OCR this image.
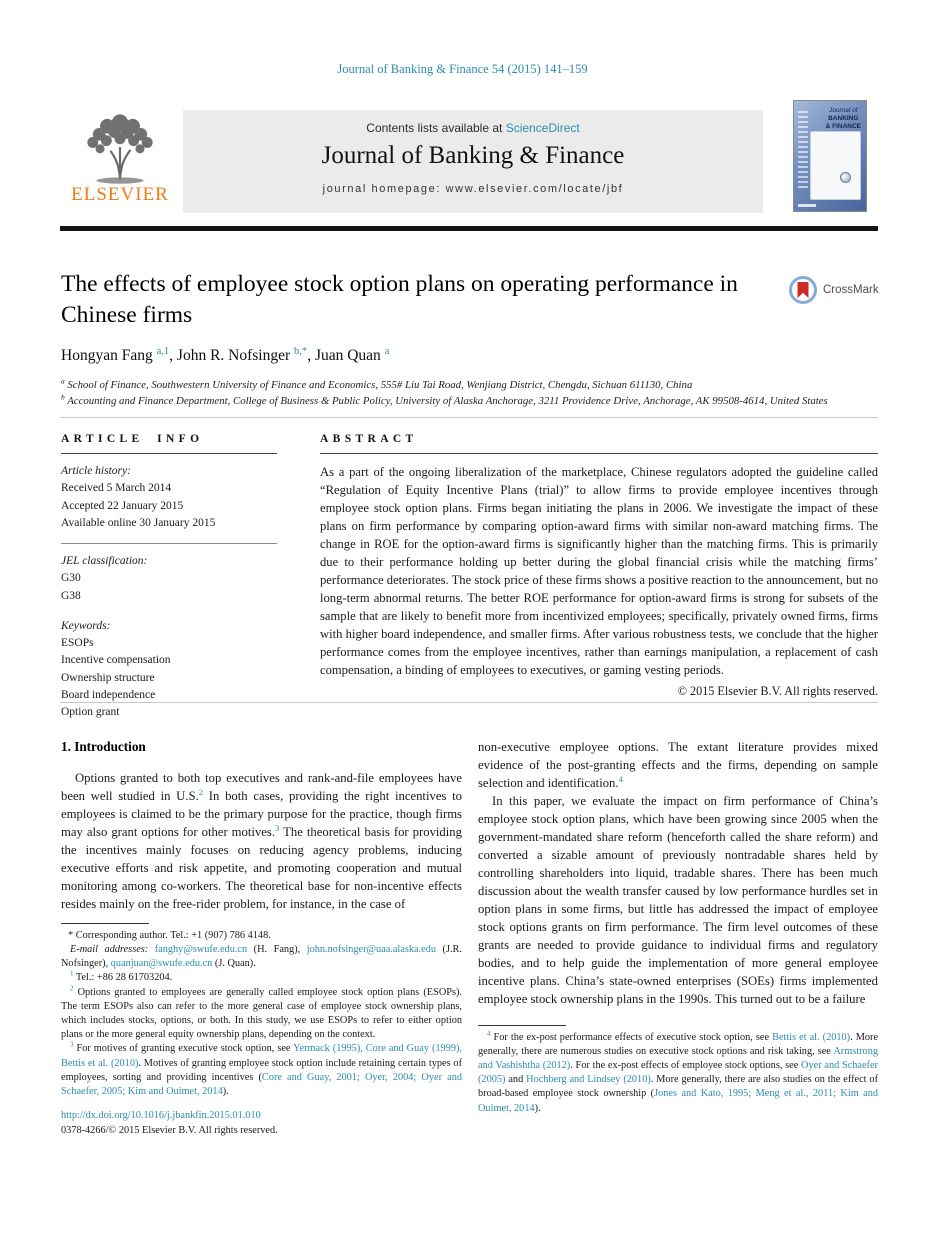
Journal of Banking & Finance 54 (2015) 141–159
ELSEVIER
Contents lists available at ScienceDirect
Journal of Banking & Finance
journal homepage: www.elsevier.com/locate/jbf
Journal of
BANKING
& FINANCE
The effects of employee stock option plans on operating performance in Chinese firms
CrossMark
Hongyan Fang $^{a,1}$, John R. Nofsinger $^{b,*}$, Juan Quan $^a$
$^a$ School of Finance, Southwestern University of Finance and Economics, 555# Liu Tai Road, Wenjiang District, Chengdu, Sichuan 611130, China
$^b$ Accounting and Finance Department, College of Business & Public Policy, University of Alaska Anchorage, 3211 Providence Drive, Anchorage, AK 99508-4614, United States
ARTICLE INFO
Article history:
Received 5 March 2014
Accepted 22 January 2015
Available online 30 January 2015
JEL classification:
G30
G38
Keywords:
ESOPs
Incentive compensation
Ownership structure
Board independence
Option grant
ABSTRACT

As a part of the ongoing liberalization of the marketplace, Chinese regulators adopted the guideline called “Regulation of Equity Incentive Plans (trial)” to allow firms to provide employee incentives through employee stock option plans. Firms began initiating the plans in 2006. We investigate the impact of these plans on firm performance by comparing option-award firms with similar non-award matching firms. The change in ROE for the option-award firms is significantly higher than the matching firms. This is primarily due to their performance holding up better during the global financial crisis while the matching firms’ performance deteriorates. The stock price of these firms shows a positive reaction to the announcement, but no long-term abnormal returns. The better ROE performance for option-award firms is strong for subsets of the sample that are likely to benefit more from incentivized employees; specifically, privately owned firms, firms with higher board independence, and smaller firms. After various robustness tests, we conclude that the higher performance comes from the employee incentives, rather than earnings manipulation, a replacement of cash compensation, a binding of employees to executives, or gaming vesting periods.

© 2015 Elsevier B.V. All rights reserved.
1. Introduction

Options granted to both top executives and rank-and-file employees have been well studied in U.S.$^2$ In both cases, providing the right incentives to employees is claimed to be the primary purpose for the practice, though firms may also grant options for other motives.$^3$ The theoretical basis for providing the incentives mainly focuses on reducing agency problems, inducing executive efforts and risk appetite, and promoting cooperation and mutual monitoring among co-workers. The theoretical base for non-incentive effects resides mainly on the free-rider problem, for instance, in the case of

* Corresponding author. Tel.: +1 (907) 786 4148.

E-mail addresses: fanghy@swufe.edu.cn (H. Fang), john.nofsinger@uaa.alaska.edu (J.R. Nofsinger), quanjuan@swufe.edu.cn (J. Quan).

$^1$ Tel.: +86 28 61703204.

$^2$ Options granted to employees are generally called employee stock option plans (ESOPs). The term ESOPs also can refer to the more general case of employee stock ownership plans, which includes stocks, options, or both. In this study, we use ESOPs to refer to either option plans or the more general equity ownership plans, depending on the context.

$^3$ For motives of granting executive stock option, see Yermack (1995), Core and Guay (1999), Bettis et al. (2010). Motives of granting employee stock option include retaining certain types of employees, sorting and providing incentives (Core and Guay, 2001; Oyer, 2004; Oyer and Schaefer, 2005; Kim and Ouimet, 2014).

http://dx.doi.org/10.1016/j.jbankfin.2015.01.010
0378-4266/© 2015 Elsevier B.V. All rights reserved.

non-executive employee options. The extant literature provides mixed evidence of the post-granting effects and the firms, depending on sample selection and identification.$^4$

In this paper, we evaluate the impact on firm performance of China’s employee stock option plans, which have been growing since 2005 when the government-mandated share reform (henceforth called the share reform) and converted a sizable amount of previously nontradable shares held by controlling shareholders into liquid, tradable shares. There has been much discussion about the wealth transfer caused by low performance hurdles set in option plans in some firms, but little has addressed the impact of employee stock options grants on firm performance. The firm level outcomes of these grants are needed to provide guidance to individual firms and regulatory bodies, and to help guide the implementation of more general employee incentive plans. China’s state-owned enterprises (SOEs) firms implemented employee stock ownership plans in the 1990s. This turned out to be a failure

$^4$ For the ex-post performance effects of executive stock option, see Bettis et al. (2010). More generally, there are numerous studies on executive stock options and risk taking, see Armstrong and Vashishtha (2012). For the ex-post effects of employee stock options, see Oyer and Schaefer (2005) and Hochberg and Lindsey (2010). More generally, there are also studies on the effect of broad-based employee stock ownership (Jones and Kato, 1995; Meng et al., 2011; Kim and Ouimet, 2014).
